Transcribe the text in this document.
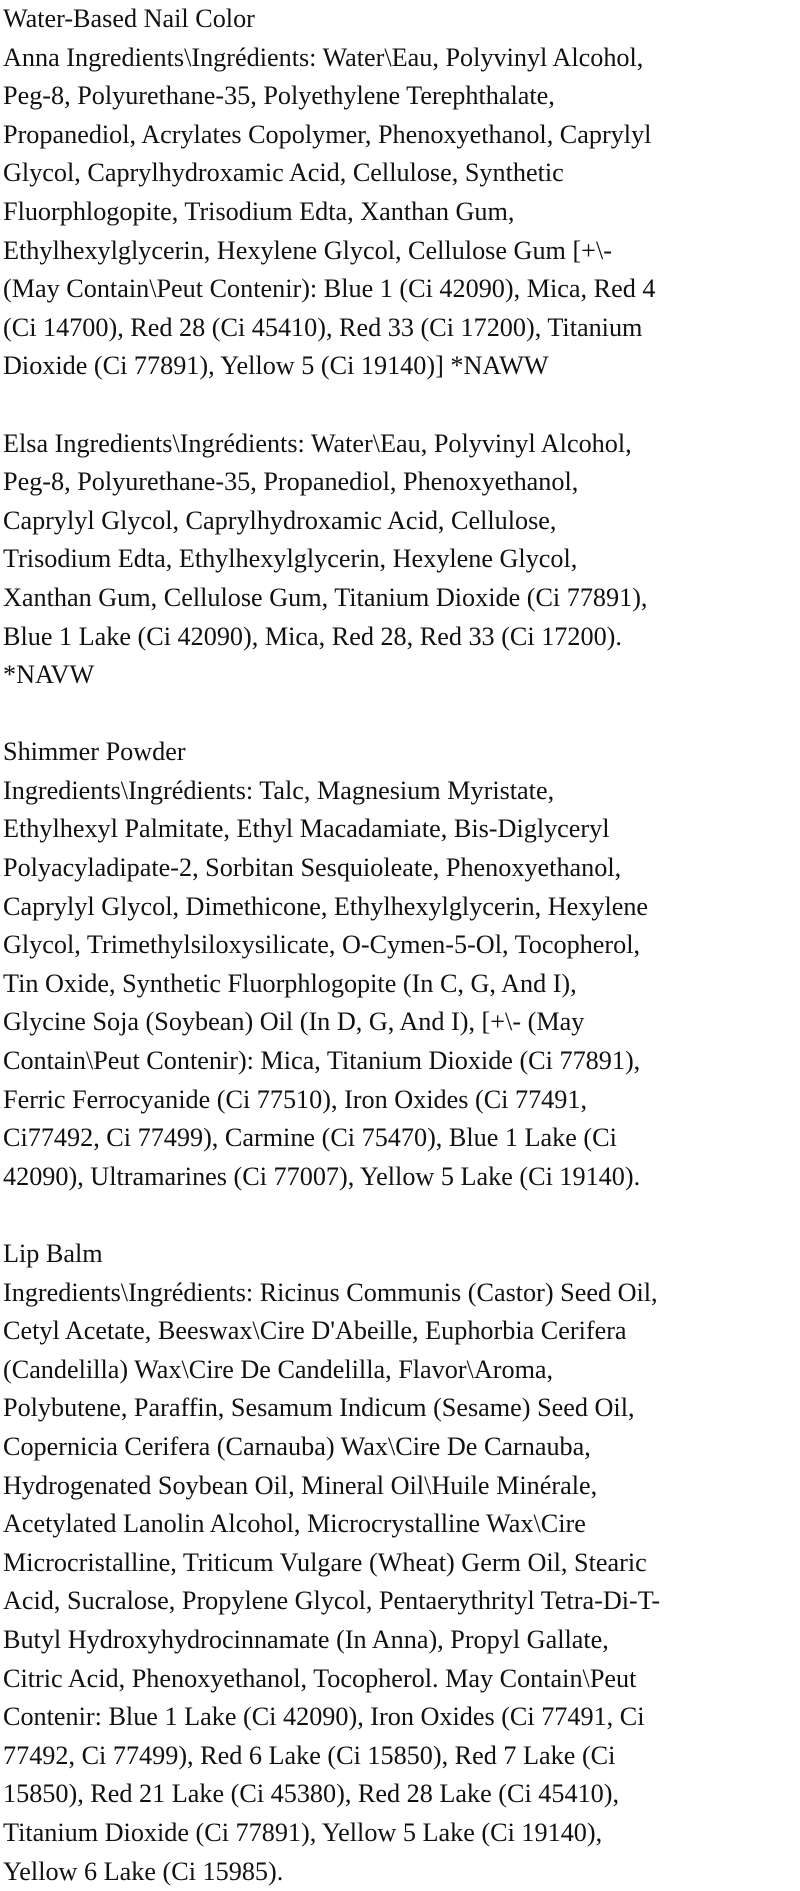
Water-Based Nail Color
Anna Ingredients\Ingrédients: Water\Eau, Polyvinyl Alcohol,
Peg-8, Polyurethane-35, Polyethylene Terephthalate,
Propanediol, Acrylates Copolymer, Phenoxyethanol, Caprylyl
Glycol, Caprylhydroxamic Acid, Cellulose, Synthetic
Fluorphlogopite, Trisodium Edta, Xanthan Gum,
Ethylhexylglycerin, Hexylene Glycol, Cellulose Gum [+\-
(May Contain\Peut Contenir): Blue 1 (Ci 42090), Mica, Red 4
(Ci 14700), Red 28 (Ci 45410), Red 33 (Ci 17200), Titanium
Dioxide (Ci 77891), Yellow 5 (Ci 19140)] *NAWW
Elsa Ingredients\Ingrédients: Water\Eau, Polyvinyl Alcohol,
Peg-8, Polyurethane-35, Propanediol, Phenoxyethanol,
Caprylyl Glycol, Caprylhydroxamic Acid, Cellulose,
Trisodium Edta, Ethylhexylglycerin, Hexylene Glycol,
Xanthan Gum, Cellulose Gum, Titanium Dioxide (Ci 77891),
Blue 1 Lake (Ci 42090), Mica, Red 28, Red 33 (Ci 17200).
*NAVW
Shimmer Powder
Ingredients\Ingrédients: Talc, Magnesium Myristate,
Ethylhexyl Palmitate, Ethyl Macadamiate, Bis-Diglyceryl
Polyacyladipate-2, Sorbitan Sesquioleate, Phenoxyethanol,
Caprylyl Glycol, Dimethicone, Ethylhexylglycerin, Hexylene
Glycol, Trimethylsiloxysilicate, O-Cymen-5-Ol, Tocopherol,
Tin Oxide, Synthetic Fluorphlogopite (In C, G, And I),
Glycine Soja (Soybean) Oil (In D, G, And I), [+\- (May
Contain\Peut Contenir): Mica, Titanium Dioxide (Ci 77891),
Ferric Ferrocyanide (Ci 77510), Iron Oxides (Ci 77491,
Ci77492, Ci 77499), Carmine (Ci 75470), Blue 1 Lake (Ci
42090), Ultramarines (Ci 77007), Yellow 5 Lake (Ci 19140).
Lip Balm
Ingredients\Ingrédients: Ricinus Communis (Castor) Seed Oil,
Cetyl Acetate, Beeswax\Cire D'Abeille, Euphorbia Cerifera
(Candelilla) Wax\Cire De Candelilla, Flavor\Aroma,
Polybutene, Paraffin, Sesamum Indicum (Sesame) Seed Oil,
Copernicia Cerifera (Carnauba) Wax\Cire De Carnauba,
Hydrogenated Soybean Oil, Mineral Oil\Huile Minérale,
Acetylated Lanolin Alcohol, Microcrystalline Wax\Cire
Microcristalline, Triticum Vulgare (Wheat) Germ Oil, Stearic
Acid, Sucralose, Propylene Glycol, Pentaerythrityl Tetra-Di-T-
Butyl Hydroxyhydrocinnamate (In Anna), Propyl Gallate,
Citric Acid, Phenoxyethanol, Tocopherol. May Contain\Peut
Contenir: Blue 1 Lake (Ci 42090), Iron Oxides (Ci 77491, Ci
77492, Ci 77499), Red 6 Lake (Ci 15850), Red 7 Lake (Ci
15850), Red 21 Lake (Ci 45380), Red 28 Lake (Ci 45410),
Titanium Dioxide (Ci 77891), Yellow 5 Lake (Ci 19140),
Yellow 6 Lake (Ci 15985).
